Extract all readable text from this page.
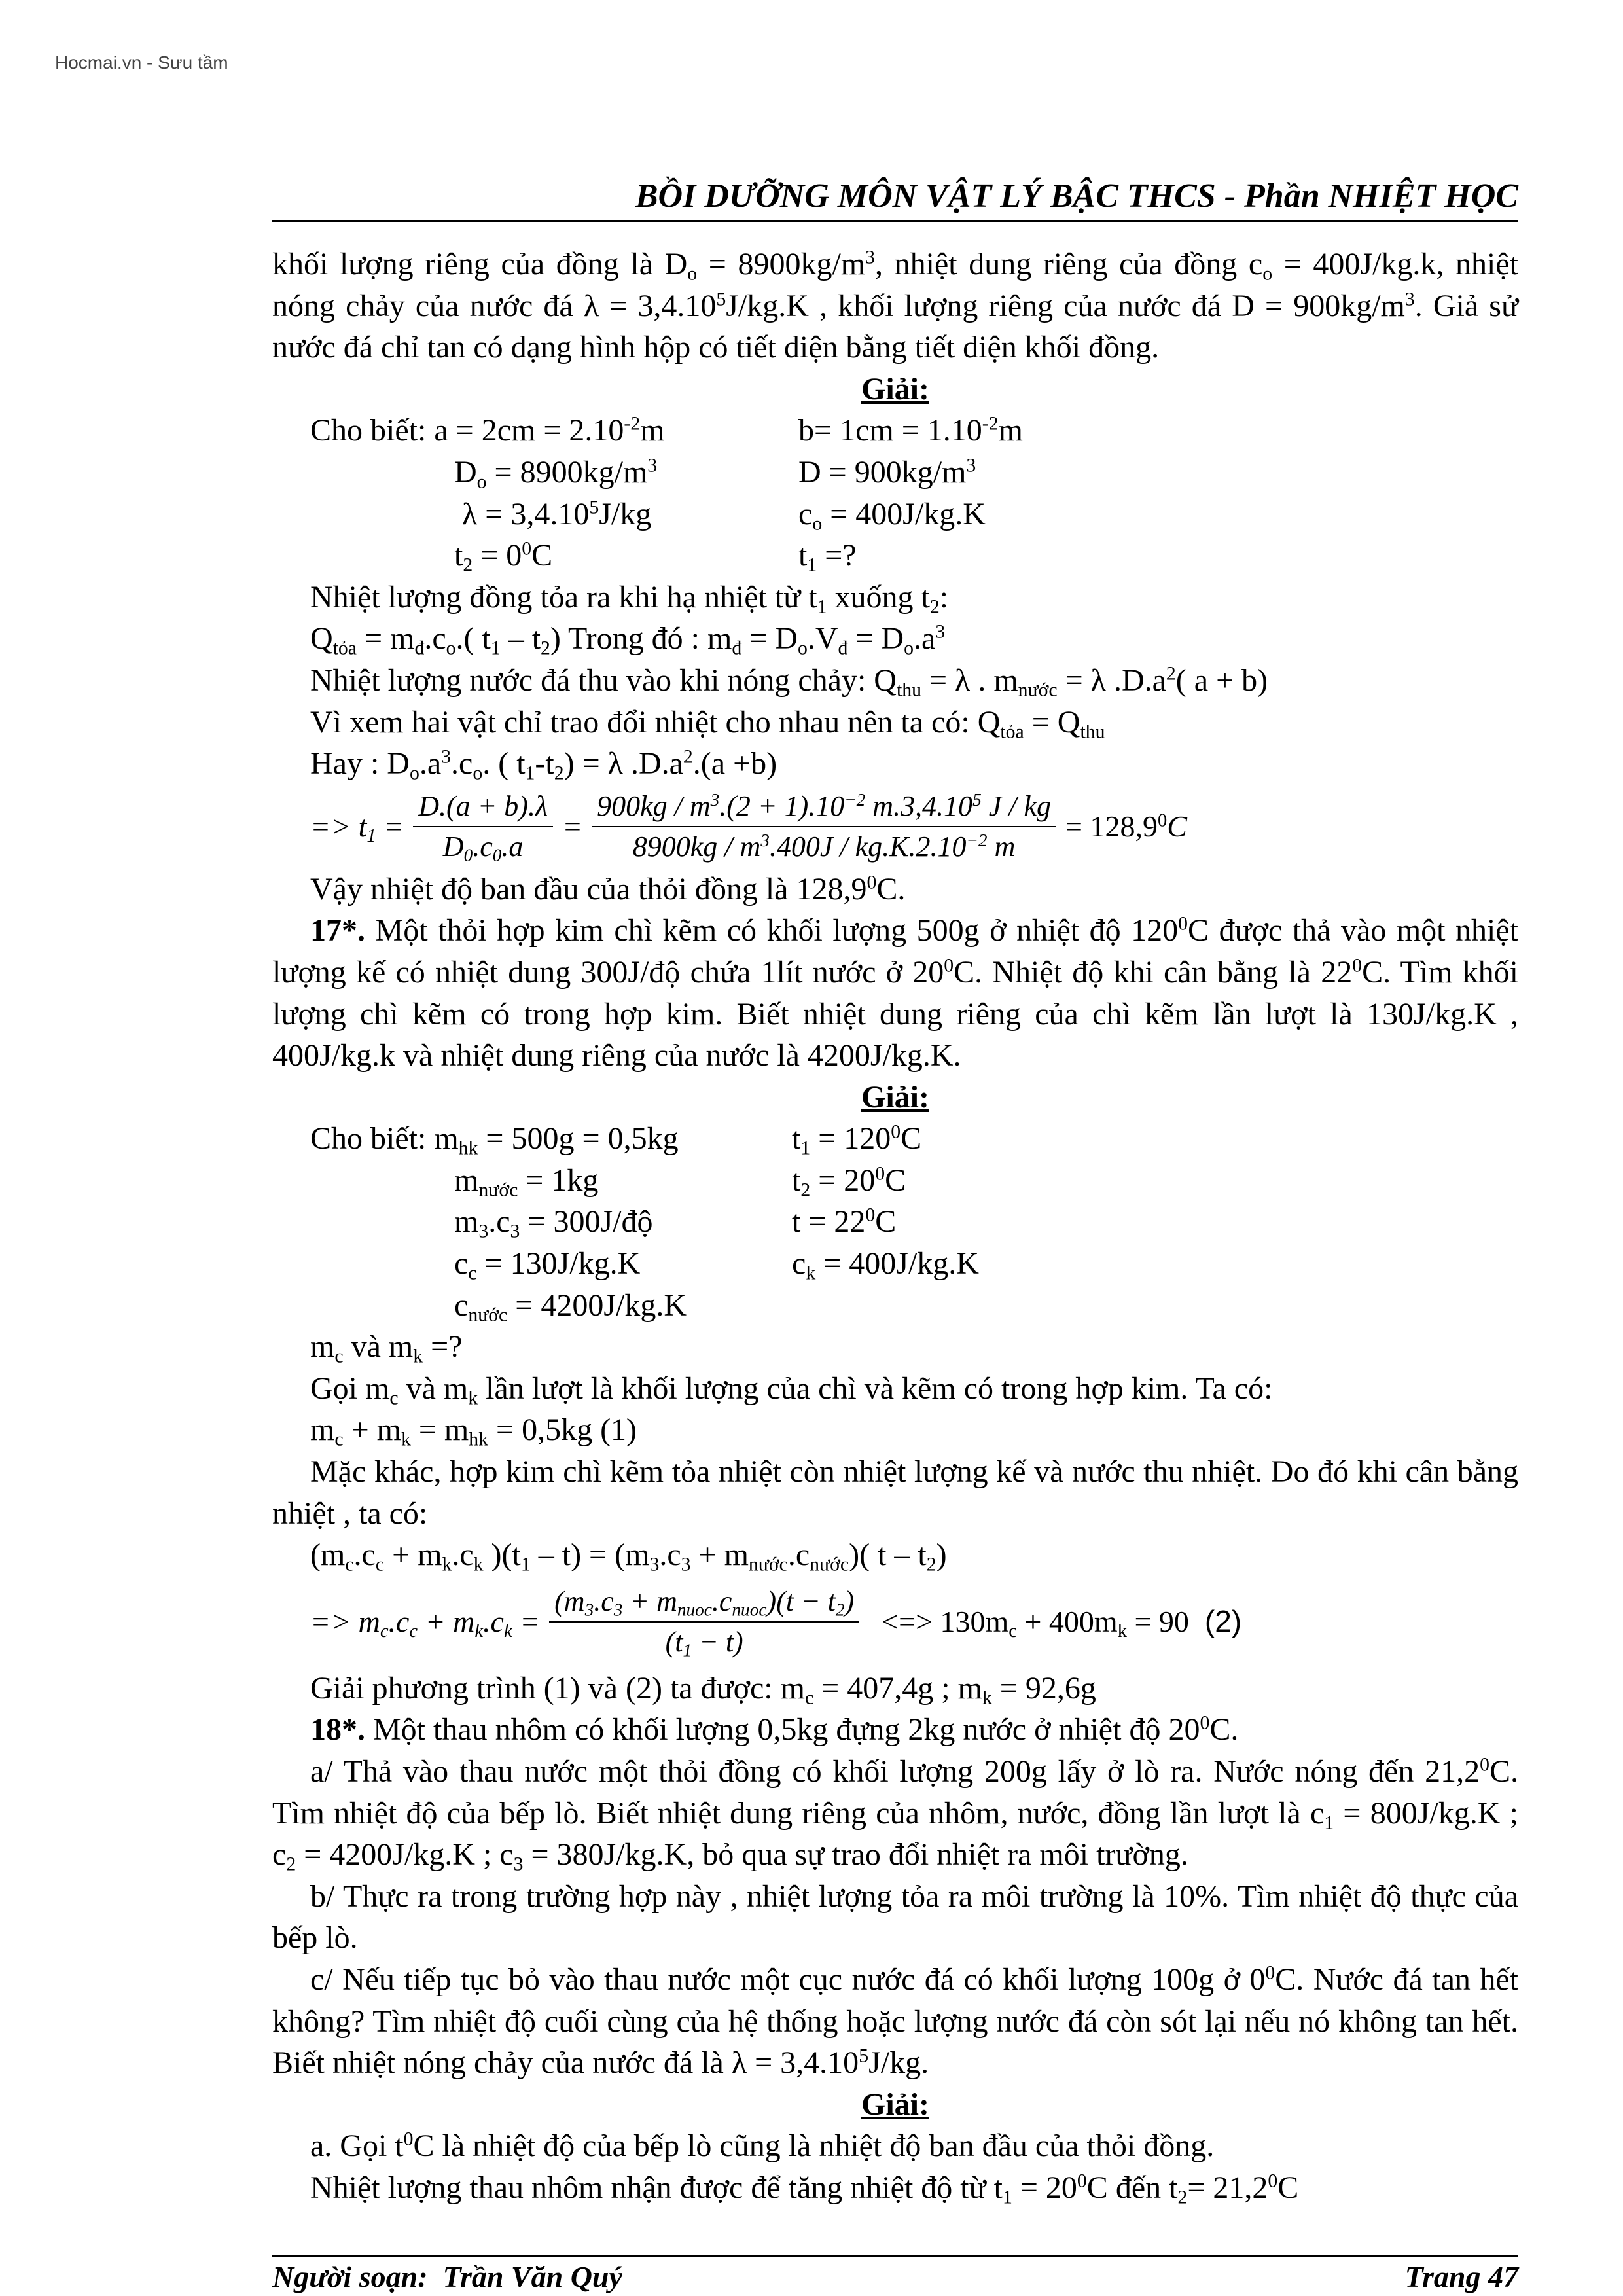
Hocmai.vn - Sưu tầm
BỒI DƯỠNG MÔN VẬT LÝ BẬC THCS - Phần NHIỆT HỌC

khối lượng riêng của đồng là $D_o = 8900kg/m^3$, nhiệt dung riêng của đồng $c_o = 400J/kg.k$, nhiệt nóng chảy của nước đá $\lambda = 3,4.10^5J/kg.K$ , khối lượng riêng của nước đá $D = 900kg/m^3$. Giả sử nước đá chỉ tan có dạng hình hộp có tiết diện bằng tiết diện khối đồng.

Giải:

Cho biết: $a = 2cm = 2.10^{-2}m$	$b= 1cm = 1.10^{-2}m$
$D_o = 8900kg/m^3$	$D = 900kg/m^3$
$\lambda = 3,4.10^5J/kg$	$c_o = 400J/kg.K$
$t_2 = 0^0C$	$t_1$ =?

Nhiệt lượng đồng tỏa ra khi hạ nhiệt từ $t_1$ xuống $t_2$:

$Q_{tỏa} = m_đ.c_o$.( $t_1 - t_2$) Trong đó : $m_đ = D_o.V_đ = D_o.a^3$

Nhiệt lượng nước đá thu vào khi nóng chảy: $Q_{thu} = \lambda$ . $m_{nước} = \lambda$ $.D.a^2$( a + b)

Vì xem hai vật chỉ trao đổi nhiệt cho nhau nên ta có: $Q_{tỏa} = Q_{thu}$

Hay : $D_o.a^3.c_o$. ( $t_1-t_2) = \lambda$ $.D.a^2.(a +b)$

=> $t_1 = \frac{D.(a + b).\lambda}{D_0.c_0.a} = \frac{900kg / m^3.(2 + 1).10^{-2} m.3,4.10^5 J / kg}{8900kg / m^3.400J / kg.K.2.10^{-2} m} = 128,9^0C$

Vậy nhiệt độ ban đầu của thỏi đồng là 128,9$^0$C.

17*. Một thỏi hợp kim chì kẽm có khối lượng 500g ở nhiệt độ $120^0C$ được thả vào một nhiệt lượng kế có nhiệt dung 300J/độ chứa 1lít nước ở $20^0C$. Nhiệt độ khi cân bằng là $22^0C$. Tìm khối lượng chì kẽm có trong hợp kim. Biết nhiệt dung riêng của chì kẽm lần lượt là 130J/kg.K , 400J/kg.k và nhiệt dung riêng của nước là 4200J/kg.K.

Giải:

Cho biết: $m_{hk} = 500g = 0,5kg$	$t_1 = 120^0C$
$m_{nước} = 1kg$	$t_2 = 20^0C$
$m_3.c_3$ = 300J/độ	$t = 22^0C$
$c_c = 130J/kg.K$	$c_k = 400J/kg.K$
$c_{nước} = 4200J/kg.K$

$m_c$ và $m_k$ =?

Gọi $m_c$ và $m_k$ lần lượt là khối lượng của chì và kẽm có trong hợp kim. Ta có:

$m_c + m_k = m_{hk} = 0,5kg$ (1)

Mặc khác, hợp kim chì kẽm tỏa nhiệt còn nhiệt lượng kế và nước thu nhiệt. Do đó khi cân bằng nhiệt , ta có:

($m_c.c_c + m_k.c_k$ )$(t_1 - t) = (m_3.c_3 + m_{nước}.c_{nước})$( t – $t_2$)

=> $m_c.c_c + m_k.c_k = \frac{(m_3.c_3 + m_{nuoc}.c_{nuoc})(t - t_2)}{(t_1 - t)}$ <=> $130m_c + 400m_k = 90$ (2)

Giải phương trình (1) và (2) ta được: $m_c = 407,4g$ ; $m_k = 92,6g$

18*. Một thau nhôm có khối lượng 0,5kg đựng 2kg nước ở nhiệt độ $20^0C$.

a/ Thả vào thau nước một thỏi đồng có khối lượng 200g lấy ở lò ra. Nước nóng đến 21,2$^0$C. Tìm nhiệt độ của bếp lò. Biết nhiệt dung riêng của nhôm, nước, đồng lần lượt là $c_1 = 800J/kg.K$ ; $c_2 = 4200J/kg.K$ ; $c_3 = 380J/kg.K$, bỏ qua sự trao đổi nhiệt ra môi trường.

b/ Thực ra trong trường hợp này , nhiệt lượng tỏa ra môi trường là 10%. Tìm nhiệt độ thực của bếp lò.

c/ Nếu tiếp tục bỏ vào thau nước một cục nước đá có khối lượng 100g ở $0^0C$. Nước đá tan hết không? Tìm nhiệt độ cuối cùng của hệ thống hoặc lượng nước đá còn sót lại nếu nó không tan hết. Biết nhiệt nóng chảy của nước đá là $\lambda = 3,4.10^5J/kg$.

Giải:

a. Gọi $t^0C$ là nhiệt độ của bếp lò cũng là nhiệt độ ban đầu của thỏi đồng.

Nhiệt lượng thau nhôm nhận được để tăng nhiệt độ từ $t_1 = 20^0C$ đến $t_2= 21,2^0C$

Người soạn: Trần Văn Quý	Trang 47
